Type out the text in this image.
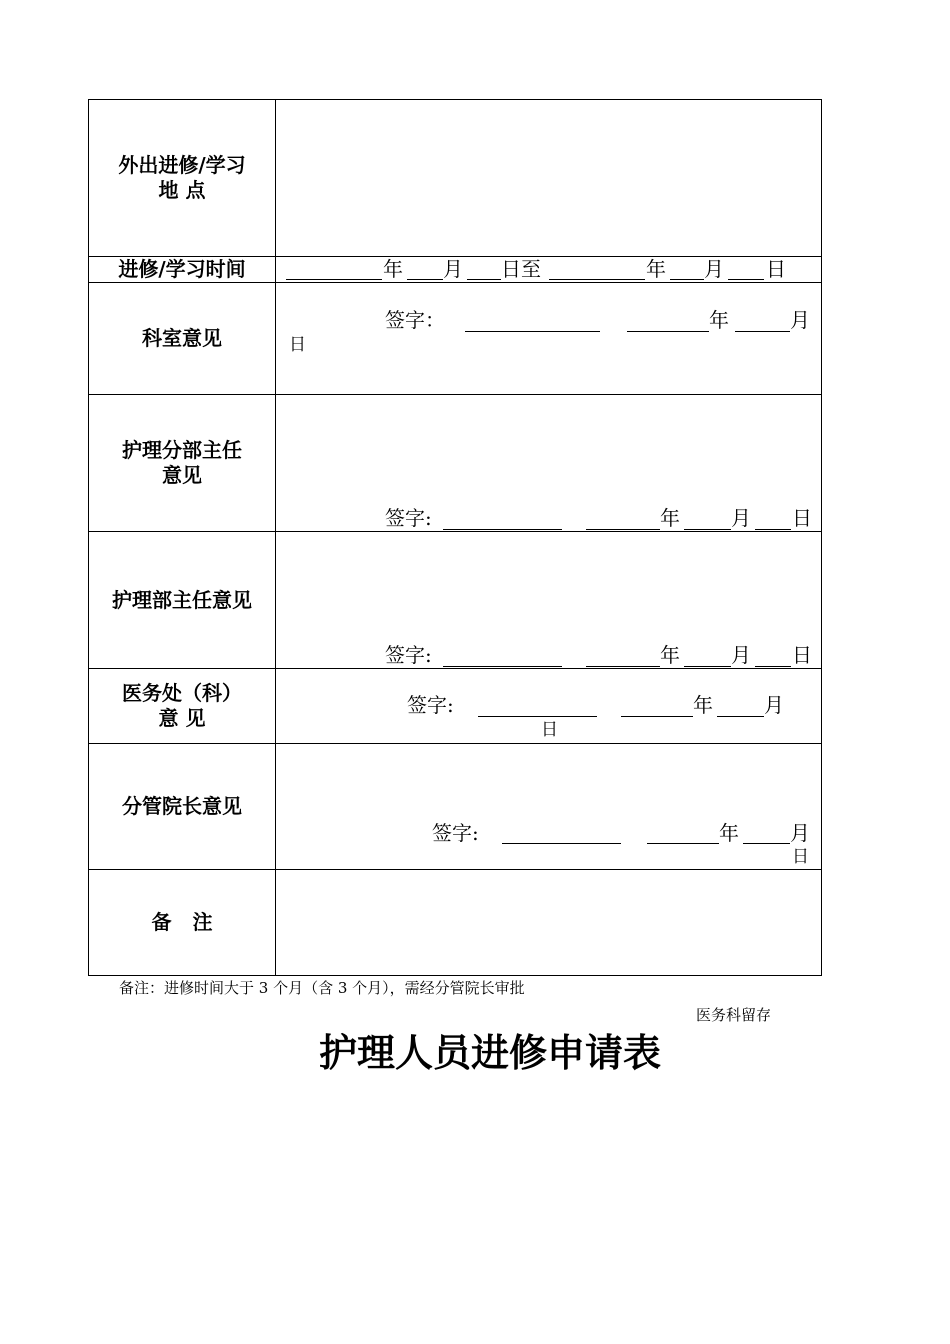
外出进修/学习
地 点
进修/学习时间	年 月 日至	年 月 日
科室意见
签字：	年	月
日
护理分部主任
意见
签字:	年	月 日
护理部主任意见
签字:	年	月 日
医务处（科）
意 见
签字:	年	月
日
分管院长意见
签字:	年	月
日
备 注
备注：进修时间大于 3 个月（含 3 个月），需经分管院长审批
医务科留存
护理人员进修申请表
